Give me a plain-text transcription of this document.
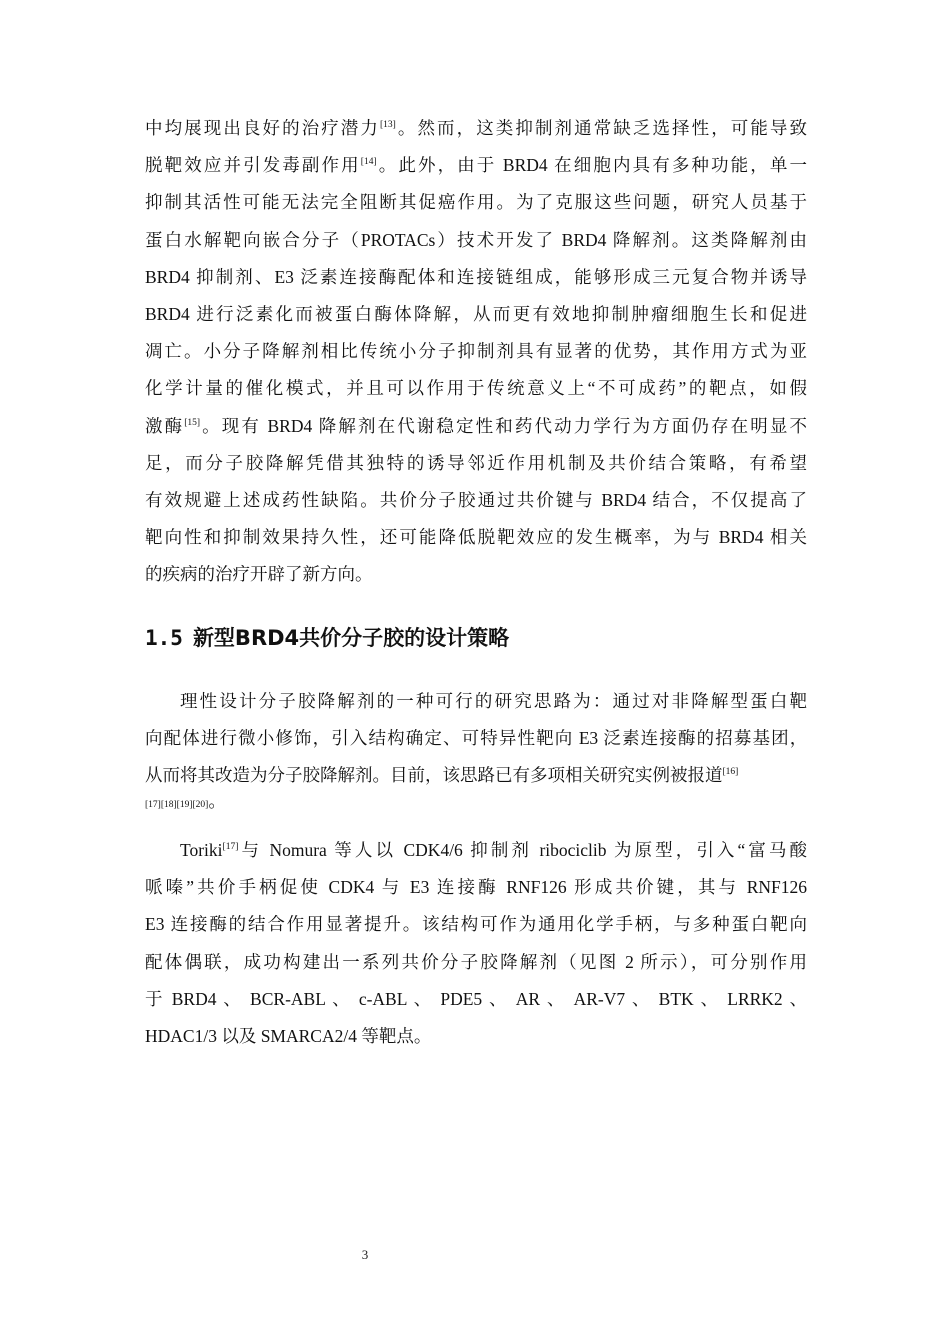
中均展现出良好的治疗潜力[13]。然而，这类抑制剂通常缺乏选择性，可能导致
脱靶效应并引发毒副作用[14]。此外，由于 BRD4 在细胞内具有多种功能，单一
抑制其活性可能无法完全阻断其促癌作用。为了克服这些问题，研究人员基于
蛋白水解靶向嵌合分子（PROTACs）技术开发了 BRD4 降解剂。这类降解剂由
BRD4 抑制剂、E3 泛素连接酶配体和连接链组成，能够形成三元复合物并诱导
BRD4 进行泛素化而被蛋白酶体降解，从而更有效地抑制肿瘤细胞生长和促进
凋亡。小分子降解剂相比传统小分子抑制剂具有显著的优势，其作用方式为亚
化学计量的催化模式，并且可以作用于传统意义上“不可成药”的靶点，如假
激酶[15]。现有 BRD4 降解剂在代谢稳定性和药代动力学行为方面仍存在明显不
足，而分子胶降解凭借其独特的诱导邻近作用机制及共价结合策略，有希望
有效规避上述成药性缺陷。共价分子胶通过共价键与 BRD4 结合，不仅提高了
靶向性和抑制效果持久性，还可能降低脱靶效应的发生概率，为与 BRD4 相关
的疾病的治疗开辟了新方向。
1.5 新型BRD4共价分子胶的设计策略
理性设计分子胶降解剂的一种可行的研究思路为：通过对非降解型蛋白靶
向配体进行微小修饰，引入结构确定、可特异性靶向 E3 泛素连接酶的招募基团，
从而将其改造为分子胶降解剂。目前，该思路已有多项相关研究实例被报道[16]
[17][18][19][20]。
Toriki[17]与 Nomura 等人以 CDK4/6 抑制剂 ribociclib 为原型，引入“富马酸
哌嗪”共价手柄促使 CDK4 与 E3 连接酶 RNF126 形成共价键，其与 RNF126
E3 连接酶的结合作用显著提升。该结构可作为通用化学手柄，与多种蛋白靶向
配体偶联，成功构建出一系列共价分子胶降解剂（见图 2 所示），可分别作用
于 BRD4 、 BCR-ABL 、 c-ABL 、 PDE5 、 AR 、 AR-V7 、 BTK 、 LRRK2 、
HDAC1/3 以及 SMARCA2/4 等靶点。
3
